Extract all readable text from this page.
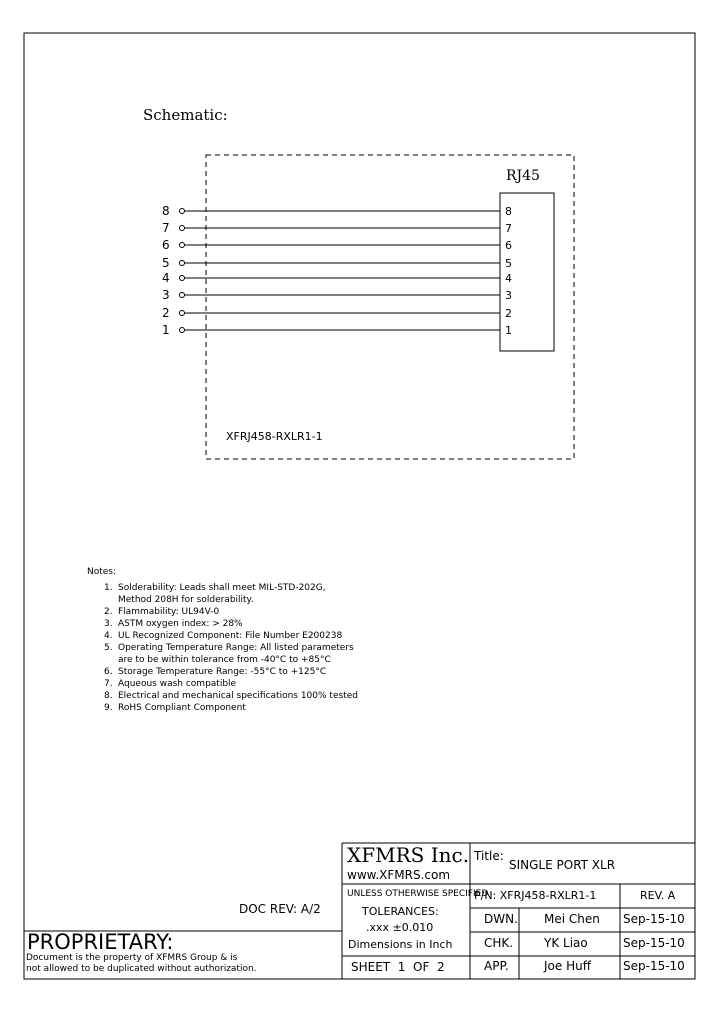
Schematic:
RJ45
XFRJ458-RXLR1-1
8
7
6
5
4
3
2
1
8
7
6
5
4
3
2
1
Notes:
1. Solderability: Leads shall meet MIL-STD-202G,
Method 208H for solderability.
2. Flammability: UL94V-0
3. ASTM oxygen index: > 28%
4. UL Recognized Component: File Number E200238
5. Operating Temperature Range: All listed parameters
are to be within tolerance from -40°C to +85°C
6. Storage Temperature Range: -55°C to +125°C
7. Aqueous wash compatible
8. Electrical and mechanical specifications 100% tested
9. RoHS Compliant Component
DOC REV: A/2
PROPRIETARY:
Document is the property of XFMRS Group & is
not allowed to be duplicated without authorization.
XFMRS Inc.
www.XFMRS.com
Title:
SINGLE PORT XLR
UNLESS OTHERWISE SPECIFIED
TOLERANCES:
.xxx ±0.010
Dimensions in Inch
SHEET  1  OF  2
P/N: XFRJ458-RXLR1-1	REV. A
DWN. Mei Chen Sep-15-10
CHK.	YK Liao	Sep-15-10
APP.	Joe Huff	Sep-15-10
